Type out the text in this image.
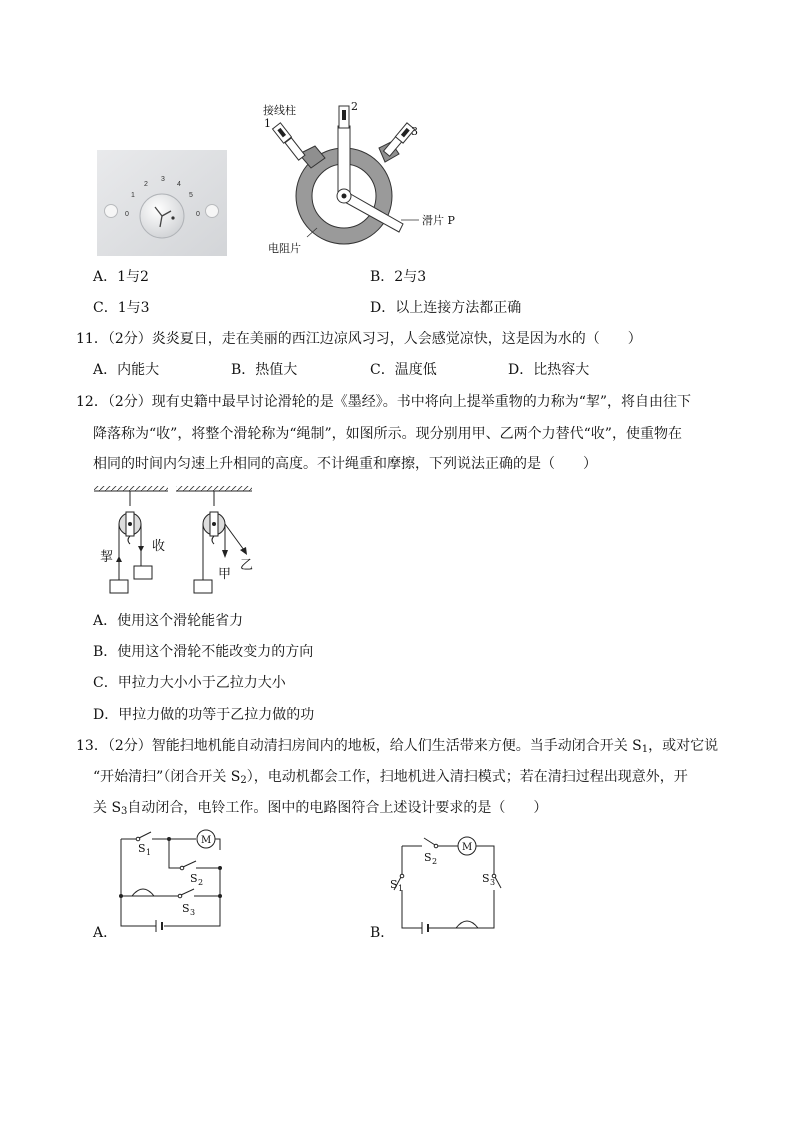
0
1
2
3
4
5
0
接线柱
1
2
3
滑片 P
电阻片
A．1与2	B．2与3
C．1与3	D．以上连接方法都正确
11．（2分）炎炎夏日，走在美丽的西江边凉风习习，人会感觉凉快，这是因为水的（　　）
A．内能大	B．热值大	C．温度低	D．比热容大
12．（2分）现有史籍中最早讨论滑轮的是《墨经》。书中将向上提举重物的力称为“挈”，将自由往下
降落称为“收”，将整个滑轮称为“绳制”，如图所示。现分别用甲、乙两个力替代“收”，使重物在
相同的时间内匀速上升相同的高度。不计绳重和摩擦，下列说法正确的是（　　）
挈
收
甲
乙
A．使用这个滑轮能省力
B．使用这个滑轮不能改变力的方向
C．甲拉力大小小于乙拉力大小
D．甲拉力做的功等于乙拉力做的功
13．（2分）智能扫地机能自动清扫房间内的地板，给人们生活带来方便。当手动闭合开关 $S_1$，或对它说
“开始清扫”（闭合开关 $S_2$），电动机都会工作，扫地机进入清扫模式；若在清扫过程出现意外，开
关 $S_3$自动闭合，电铃工作。图中的电路图符合上述设计要求的是（　　）
M
S 1
S 2
S 3
M
S 2
S 1
S 3
A．	B．
